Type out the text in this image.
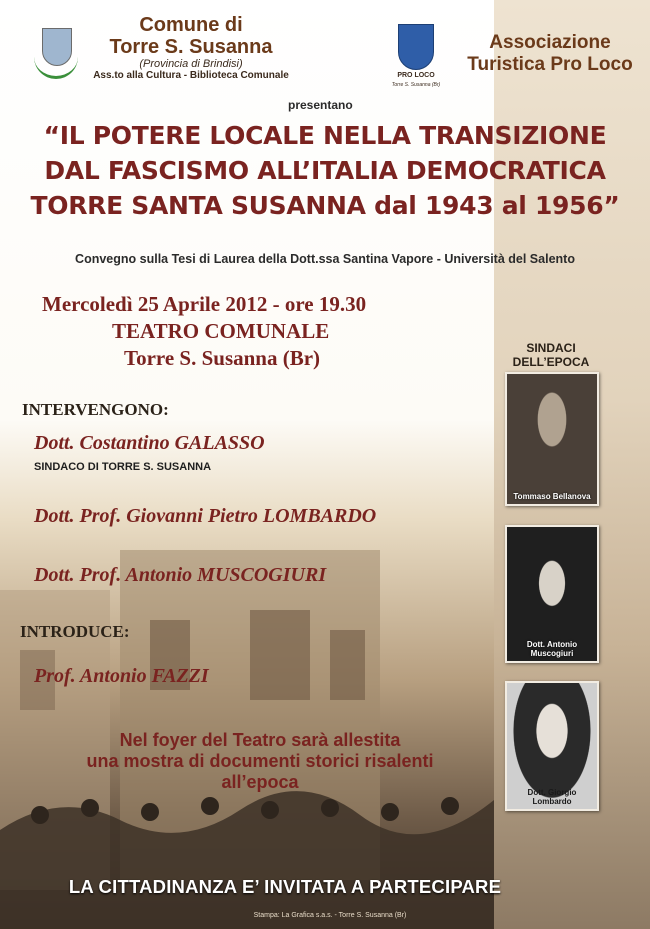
Comune di
Torre S. Susanna
(Provincia di Brindisi)
Ass.to alla Cultura - Biblioteca Comunale	PRO LOCO
Torre S. Susanna (Br)
Associazione
Turistica Pro Loco
presentano
“IL POTERE LOCALE NELLA TRANSIZIONE
DAL FASCISMO ALL’ITALIA DEMOCRATICA
TORRE SANTA SUSANNA dal 1943 al 1956”
Convegno sulla Tesi di Laurea della Dott.ssa Santina Vapore - Università del Salento
Mercoledì 25 Aprile 2012 - ore 19.30
TEATRO COMUNALE
Torre S. Susanna (Br)
INTERVENGONO:
Dott. Costantino GALASSO
SINDACO DI TORRE S. SUSANNA
Dott. Prof. Giovanni Pietro LOMBARDO
Dott. Prof. Antonio MUSCOGIURI
INTRODUCE:
Prof. Antonio FAZZI
Nel foyer del Teatro sarà allestita
una mostra di documenti storici risalenti
all’epoca
SINDACI
DELL’EPOCA
Tommaso Bellanova
Dott. Antonio Muscogiuri
Dott. Giorgio Lombardo
LA CITTADINANZA E’ INVITATA A PARTECIPARE
Stampa: La Grafica s.a.s. - Torre S. Susanna (Br)
